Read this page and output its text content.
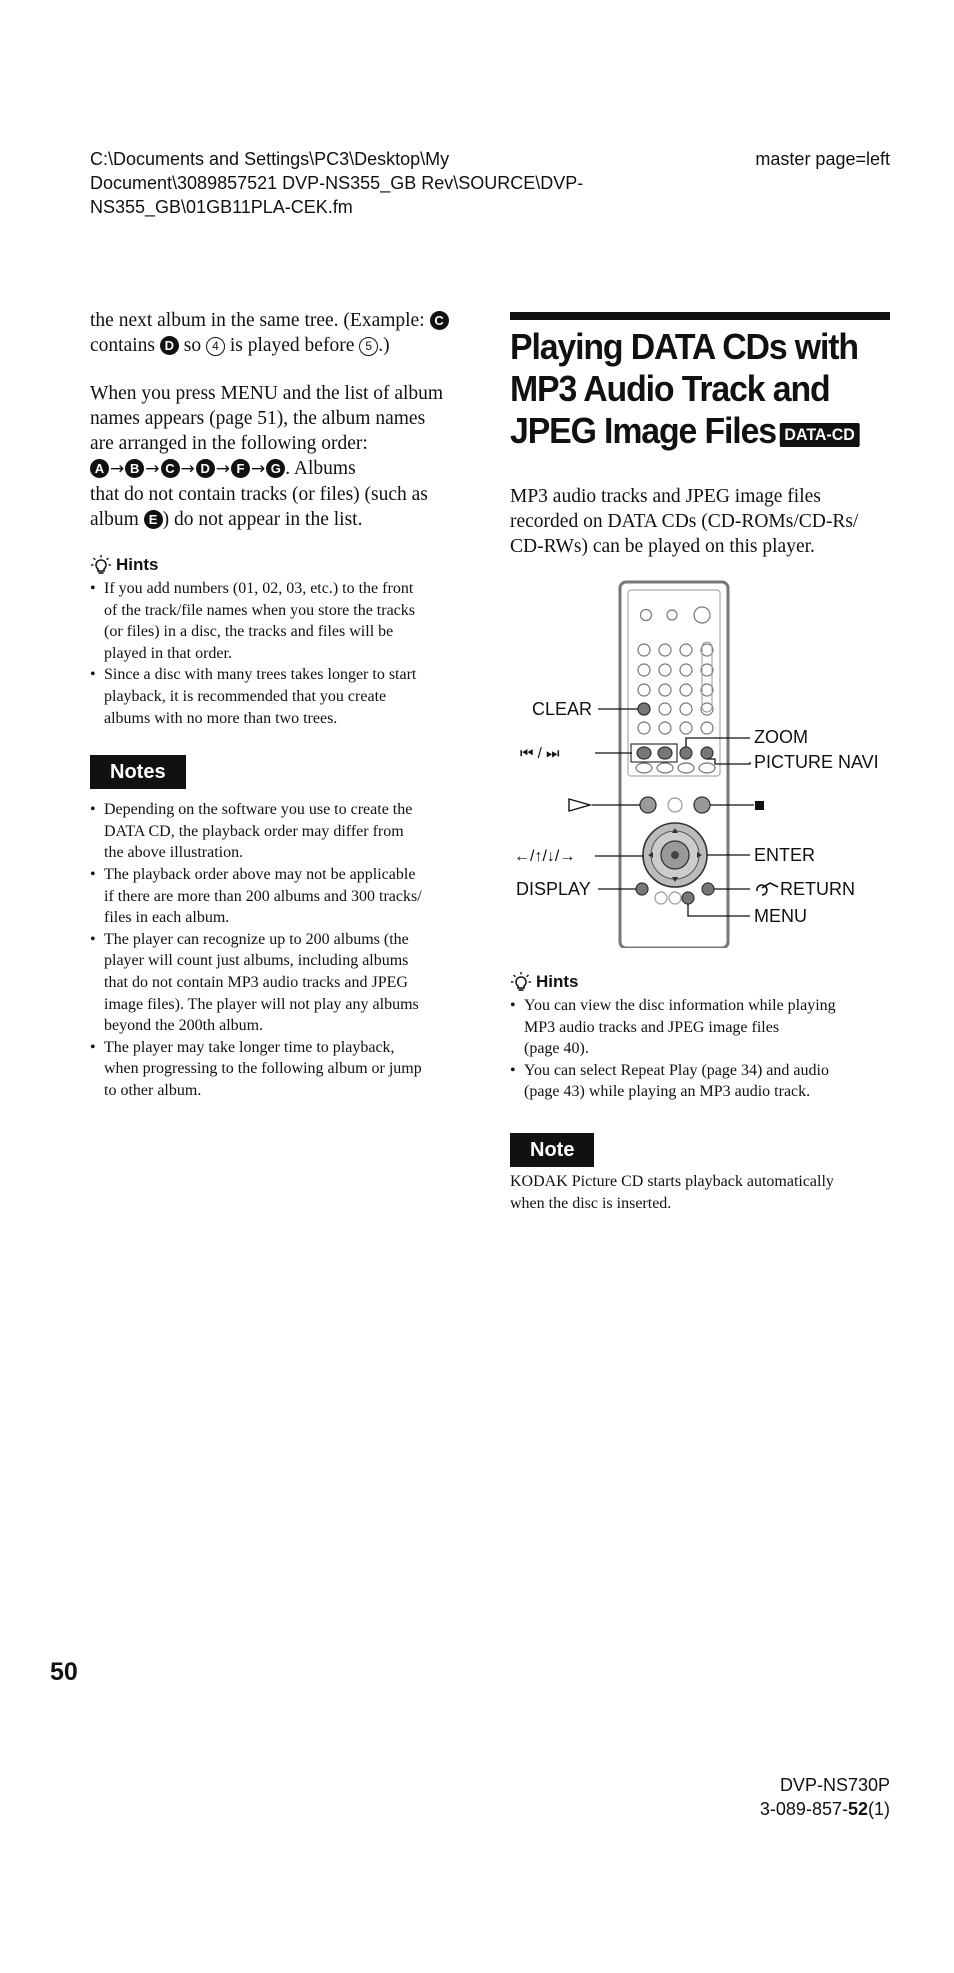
C:\Documents and Settings\PC3\Desktop\My
Document\3089857521 DVP-NS355_GB Rev\SOURCE\DVP-
NS355_GB\01GB11PLA-CEK.fm
master page=left
the next album in the same tree. (Example: C
contains D so 4 is played before 5 .)
When you press MENU and the list of album
names appears (page 51), the album names
are arranged in the following order:
A → B → C → D → F → G . Albums
that do not contain tracks (or files) (such as
album E ) do not appear in the list.
Hints
• If you add numbers (01, 02, 03, etc.) to the front
of the track/file names when you store the tracks
(or files) in a disc, the tracks and files will be
played in that order.
• Since a disc with many trees takes longer to start
playback, it is recommended that you create
albums with no more than two trees.
Notes
• Depending on the software you use to create the
DATA CD, the playback order may differ from
the above illustration.
• The playback order above may not be applicable
if there are more than 200 albums and 300 tracks/
files in each album.
• The player can recognize up to 200 albums (the
player will count just albums, including albums
that do not contain MP3 audio tracks and JPEG
image files). The player will not play any albums
beyond the 200th album.
• The player may take longer time to playback,
when progressing to the following album or jump
to other album.
Playing DATA CDs with
MP3 Audio Track and
JPEG Image Files DATA-CD
MP3 audio tracks and JPEG image files
recorded on DATA CDs (CD-ROMs/CD-Rs/
CD-RWs) can be played on this player.
CLEAR
⏮ / ⏭
←/↑/↓/→
DISPLAY
ZOOM
PICTURE NAVI
ENTER
RETURN
MENU
Hints
• You can view the disc information while playing
MP3 audio tracks and JPEG image files
(page 40).
• You can select Repeat Play (page 34) and audio
(page 43) while playing an MP3 audio track.
Note
KODAK Picture CD starts playback automatically
when the disc is inserted.
50
DVP-NS730P
3-089-857-52(1)
